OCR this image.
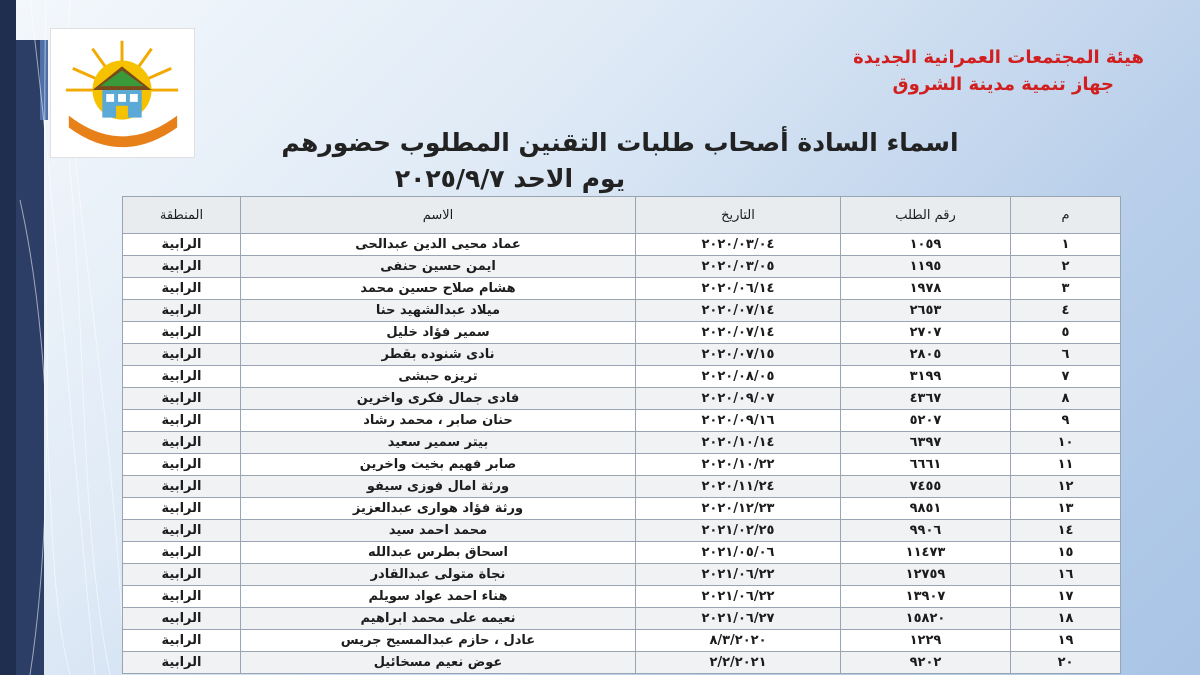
هيئة المجتمعات العمرانية الجديدة
جهاز تنمية مدينة الشروق
اسماء السادة أصحاب طلبات التقنين المطلوب حضورهم
يوم الاحد ٢٠٢٥/٩/٧
م	رقم الطلب	التاريخ	الاسم	المنطقة
١	١٠٥٩	٢٠٢٠/٠٣/٠٤	عماد محيى الدين عبدالحى	الرابية
٢	١١٩٥	٢٠٢٠/٠٣/٠٥	ايمن حسين حنفى	الرابية
٣	١٩٧٨	٢٠٢٠/٠٦/١٤	هشام صلاح حسين محمد	الرابية
٤	٢٦٥٣	٢٠٢٠/٠٧/١٤	ميلاد عبدالشهيد حنا	الرابية
٥	٢٧٠٧	٢٠٢٠/٠٧/١٤	سمير فؤاد خليل	الرابية
٦	٢٨٠٥	٢٠٢٠/٠٧/١٥	نادى شنوده بقطر	الرابية
٧	٣١٩٩	٢٠٢٠/٠٨/٠٥	تريزه حبشى	الرابية
٨	٤٣٦٧	٢٠٢٠/٠٩/٠٧	فادى جمال فكرى واخرين	الرابية
٩	٥٢٠٧	٢٠٢٠/٠٩/١٦	حنان صابر ، محمد رشاد	الرابية
١٠	٦٣٩٧	٢٠٢٠/١٠/١٤	بيتر سمير سعيد	الرابية
١١	٦٦٦١	٢٠٢٠/١٠/٢٢	صابر فهيم بخيت واخرين	الرابية
١٢	٧٤٥٥	٢٠٢٠/١١/٢٤	ورثة امال فوزى سيفو	الرابية
١٣	٩٨٥١	٢٠٢٠/١٢/٢٣	ورثة فؤاد هوارى عبدالعزيز	الرابية
١٤	٩٩٠٦	٢٠٢١/٠٢/٢٥	محمد احمد سيد	الرابية
١٥	١١٤٧٣	٢٠٢١/٠٥/٠٦	اسحاق بطرس عبدالله	الرابية
١٦	١٢٧٥٩	٢٠٢١/٠٦/٢٢	نجاة متولى عبدالقادر	الرابية
١٧	١٣٩٠٧	٢٠٢١/٠٦/٢٢	هناء احمد عواد سويلم	الرابية
١٨	١٥٨٢٠	٢٠٢١/٠٦/٢٧	نعيمه على محمد ابراهيم	الرابيه
١٩	١٢٢٩	٨/٣/٢٠٢٠	عادل ، حازم عبدالمسيح جريس	الرابية
٢٠	٩٢٠٢	٢/٢/٢٠٢١	عوض نعيم مسخائيل	الرابية
